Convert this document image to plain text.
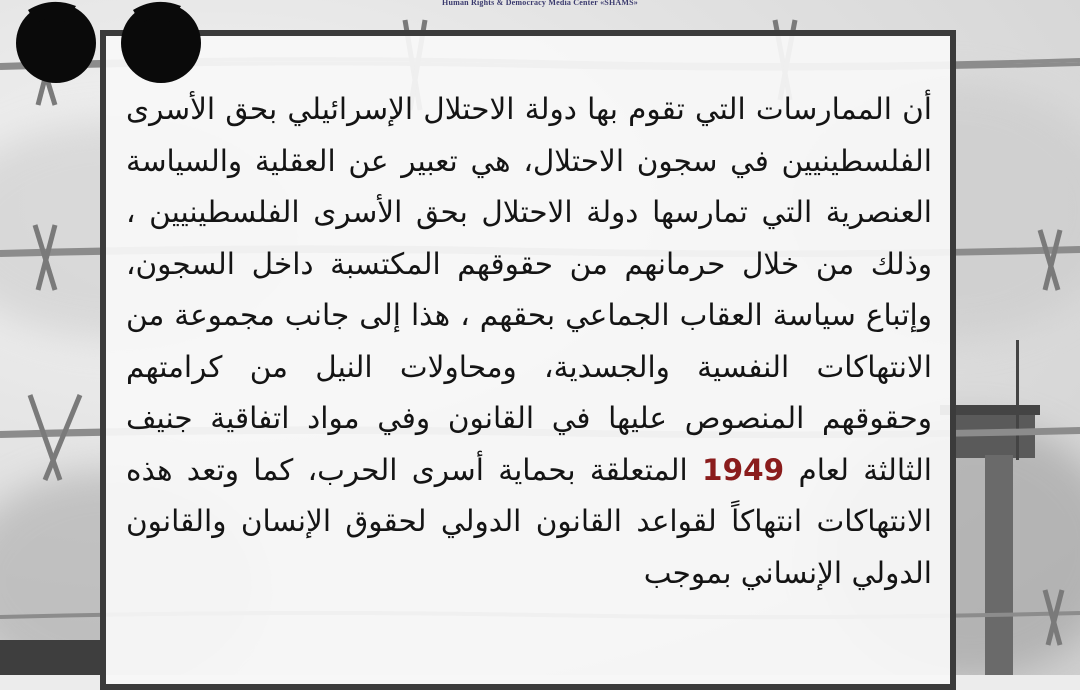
Human Rights & Democracy Media Center «SHAMS»

أن الممارسات التي تقوم بها دولة الاحتلال الإسرائيلي بحق الأسرى الفلسطينيين في سجون الاحتلال، هي تعبير عن العقلية والسياسة العنصرية التي تمارسها دولة الاحتلال بحق الأسرى الفلسطينيين ، وذلك من خلال حرمانهم من حقوقهم المكتسبة داخل السجون، وإتباع سياسة العقاب الجماعي بحقهم ، هذا إلى جانب مجموعة من الانتهاكات النفسية والجسدية، ومحاولات النيل من كرامتهم وحقوقهم المنصوص عليها في القانون وفي مواد اتفاقية جنيف الثالثة لعام 1949 المتعلقة بحماية أسرى الحرب، كما وتعد هذه الانتهاكات انتهاكاً لقواعد القانون الدولي لحقوق الإنسان والقانون الدولي الإنساني بموجب
